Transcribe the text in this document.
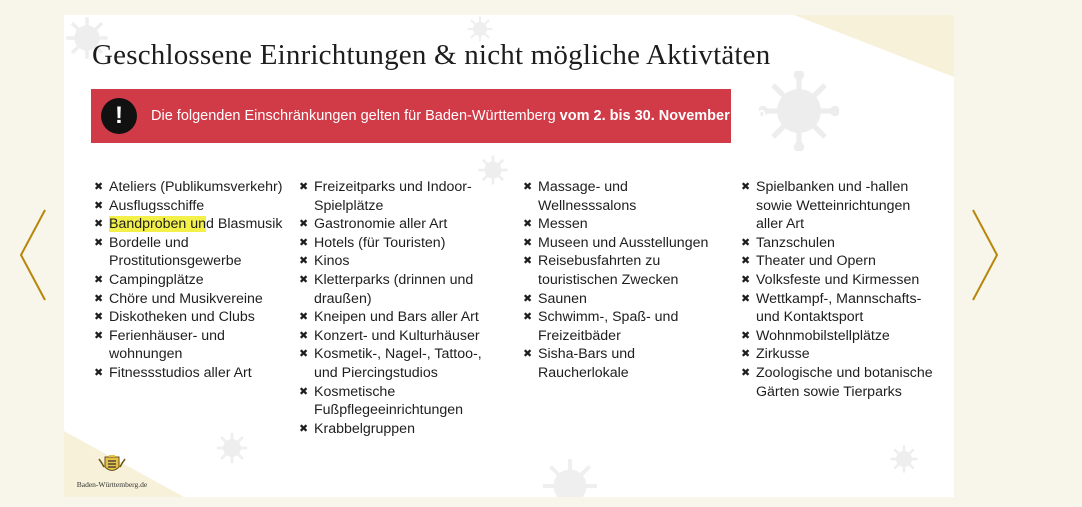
Geschlossene Einrichtungen & nicht mögliche Aktivtäten
!	Die folgenden Einschränkungen gelten für Baden-Württemberg vom 2. bis 30. November 2020.
✖ Ateliers (Publikumsverkehr)
✖ Ausflugsschiffe
✖ Bandproben und Blasmusik
✖ Bordelle und Prostitutionsgewerbe
✖ Campingplätze
✖ Chöre und Musikvereine
✖ Diskotheken und Clubs
✖ Ferienhäuser- und wohnungen
✖ Fitnessstudios aller Art
✖ Freizeitparks und Indoor-Spielplätze
✖ Gastronomie aller Art
✖ Hotels (für Touristen)
✖ Kinos
✖ Kletterparks (drinnen und draußen)
✖ Kneipen und Bars aller Art
✖ Konzert- und Kulturhäuser
✖ Kosmetik-, Nagel-, Tattoo-, und Piercingstudios
✖ Kosmetische Fußpflegeeinrichtungen
✖ Krabbelgruppen
✖ Massage- und Wellnesssalons
✖ Messen
✖ Museen und Ausstellungen
✖ Reisebusfahrten zu touristischen Zwecken
✖ Saunen
✖ Schwimm-, Spaß- und Freizeitbäder
✖ Sisha-Bars und Raucherlokale
✖ Spielbanken und -hallen sowie Wetteinrichtungen aller Art
✖ Tanzschulen
✖ Theater und Opern
✖ Volksfeste und Kirmessen
✖ Wettkampf-, Mannschafts- und Kontaktsport
✖ Wohnmobilstellplätze
✖ Zirkusse
✖ Zoologische und botanische Gärten sowie Tierparks
Baden-Württemberg.de
